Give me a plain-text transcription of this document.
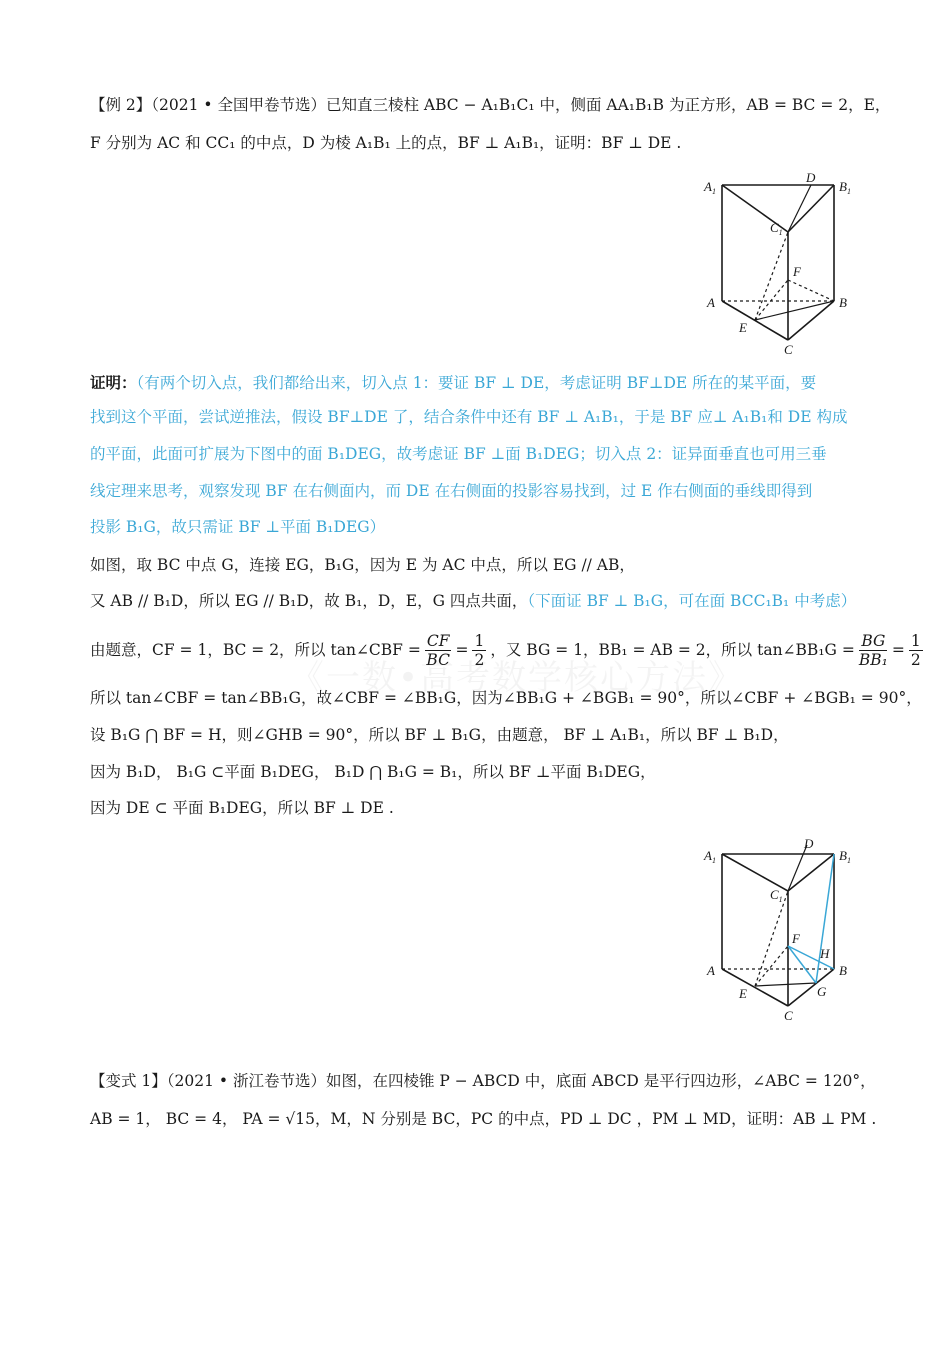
【例 2】（2021 • 全国甲卷节选）已知直三棱柱 ABC − A₁B₁C₁ 中，侧面 AA₁B₁B 为正方形，AB = BC = 2，E，
F 分别为 AC 和 CC₁ 的中点，D 为棱 A₁B₁ 上的点，BF ⊥ A₁B₁，证明：BF ⊥ DE .
$A_1$
D
$B_1$
$C_1$
F
A	B
E
C
证明：（有两个切入点，我们都给出来，切入点 1：要证 BF ⊥ DE，考虑证明 BF⊥DE 所在的某平面，要
找到这个平面，尝试逆推法，假设 BF⊥DE 了，结合条件中还有 BF ⊥ A₁B₁，于是 BF 应⊥ A₁B₁和 DE 构成
的平面，此面可扩展为下图中的面 B₁DEG，故考虑证 BF ⊥面 B₁DEG；切入点 2：证异面垂直也可用三垂
线定理来思考，观察发现 BF 在右侧面内，而 DE 在右侧面的投影容易找到，过 E 作右侧面的垂线即得到
投影 B₁G，故只需证 BF ⊥平面 B₁DEG）
如图，取 BC 中点 G，连接 EG，B₁G，因为 E 为 AC 中点，所以 EG // AB，
又 AB // B₁D，所以 EG // B₁D，故 B₁，D，E，G 四点共面，（下面证 BF ⊥ B₁G，可在面 BCC₁B₁ 中考虑）
由题意，CF = 1，BC = 2，所以 tan∠CBF = $\frac{CF}{BC} = \frac{1}{2}$ ，又 BG = 1，BB₁ = AB = 2，所以 tan∠BB₁G = $\frac{BG}{\text{BB₁}} = \frac{1}{2}$
所以 tan∠CBF = tan∠BB₁G，故∠CBF = ∠BB₁G，因为∠BB₁G + ∠BGB₁ = 90°，所以∠CBF + ∠BGB₁ = 90°，
设 B₁G ⋂ BF = H，则∠GHB = 90°，所以 BF ⊥ B₁G，由题意， BF ⊥ A₁B₁，所以 BF ⊥ B₁D，
因为 B₁D， B₁G ⊂平面 B₁DEG， B₁D ⋂ B₁G = B₁，所以 BF ⊥平面 B₁DEG，
因为 DE ⊂ 平面 B₁DEG，所以 BF ⊥ DE .
$A_1$
D
$B_1$
$C_1$
F
H
A	B
E	G
C
【变式 1】（2021 • 浙江卷节选）如图，在四棱锥 P − ABCD 中，底面 ABCD 是平行四边形，∠ABC = 120°，
AB = 1， BC = 4， PA = √15，M，N 分别是 BC，PC 的中点，PD ⊥ DC ，PM ⊥ MD，证明：AB ⊥ PM .
